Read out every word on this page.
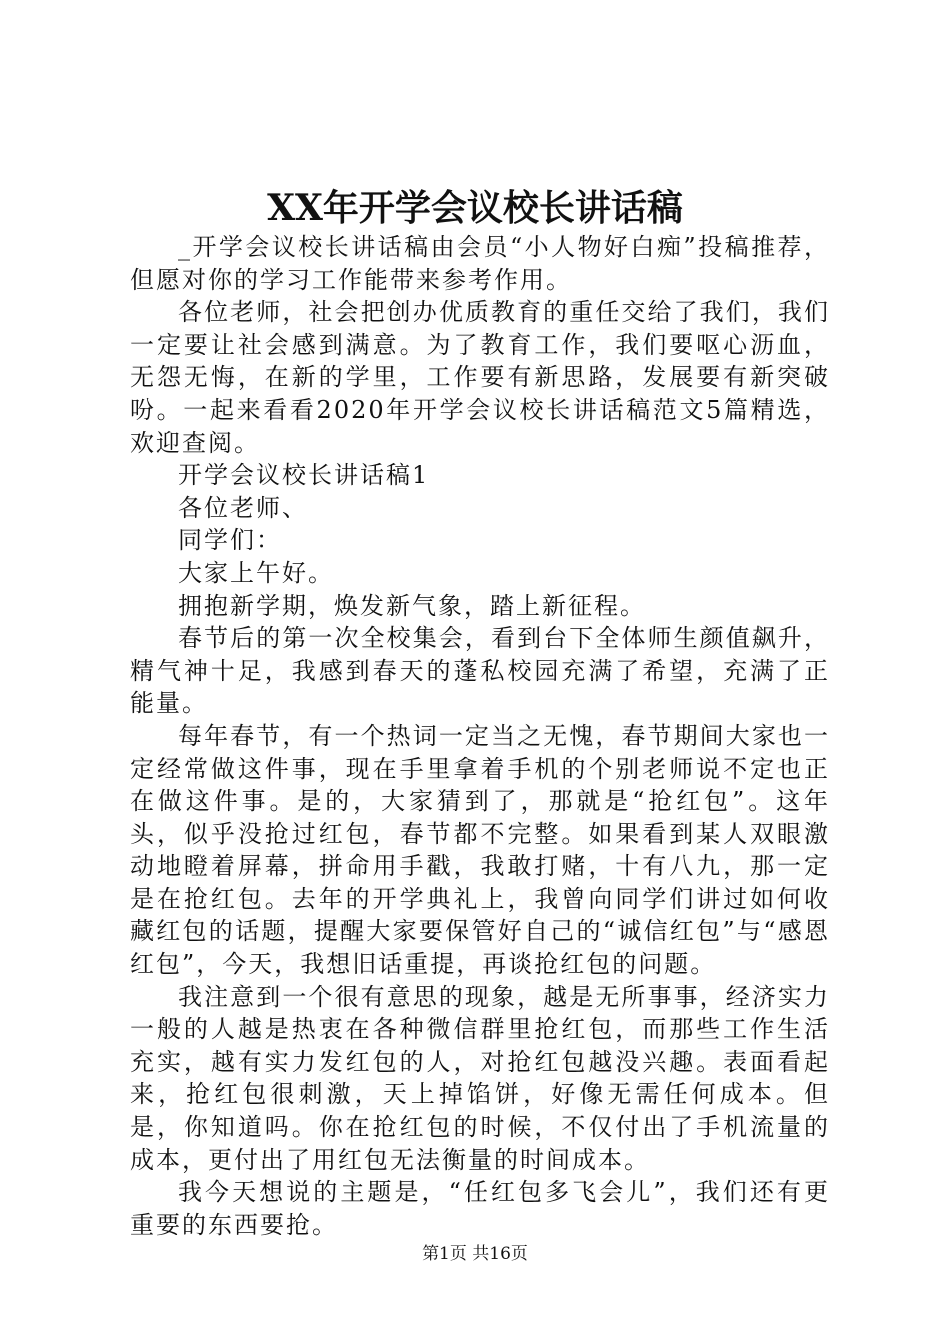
XX年开学会议校长讲话稿

_开学会议校长讲话稿由会员“小人物好白痴”投稿推荐，但愿对你的学习工作能带来参考作用。

各位老师，社会把创办优质教育的重任交给了我们，我们一定要让社会感到满意。为了教育工作，我们要呕心沥血，无怨无悔，在新的学里，工作要有新思路，发展要有新突破吩。一起来看看2020年开学会议校长讲话稿范文5篇精选，欢迎查阅。

开学会议校长讲话稿1

各位老师、

同学们：

大家上午好。

拥抱新学期，焕发新气象，踏上新征程。

春节后的第一次全校集会，看到台下全体师生颜值飙升，精气神十足，我感到春天的蓬私校园充满了希望，充满了正能量。

每年春节，有一个热词一定当之无愧，春节期间大家也一定经常做这件事，现在手里拿着手机的个别老师说不定也正在做这件事。是的，大家猜到了，那就是“抢红包”。这年头，似乎没抢过红包，春节都不完整。如果看到某人双眼激动地瞪着屏幕，拼命用手戳，我敢打赌，十有八九，那一定是在抢红包。去年的开学典礼上，我曾向同学们讲过如何收藏红包的话题，提醒大家要保管好自己的“诚信红包”与“感恩红包”，今天，我想旧话重提，再谈抢红包的问题。

我注意到一个很有意思的现象，越是无所事事，经济实力一般的人越是热衷在各种微信群里抢红包，而那些工作生活充实，越有实力发红包的人，对抢红包越没兴趣。表面看起来，抢红包很刺激，天上掉馅饼，好像无需任何成本。但是，你知道吗。你在抢红包的时候，不仅付出了手机流量的成本，更付出了用红包无法衡量的时间成本。

我今天想说的主题是，“任红包多飞会儿”，我们还有更重要的东西要抢。

第1页 共16页
